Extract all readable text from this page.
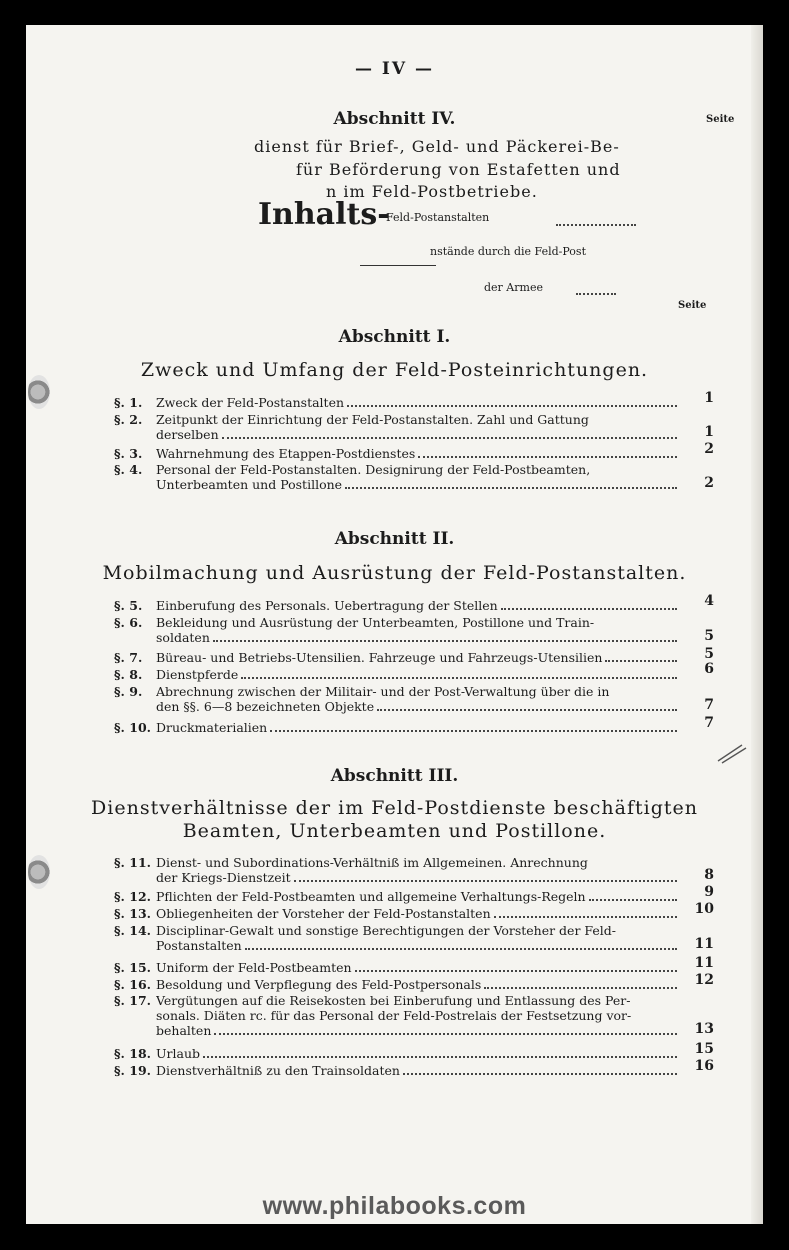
— IV —
Abschnitt IV.	Seite
dienst für Brief-, Geld- und Päckerei-Be-
für Beförderung von Estafetten und
n im Feld-Postbetriebe.
Inhalts-
Feld-Postanstalten
nstände durch die Feld-Post
der Armee
Seite
Abschnitt I.
Zweck und Umfang der Feld-Posteinrichtungen.
§. 1.	Zweck der Feld-Postanstalten	1
§. 2.	Zeitpunkt der Einrichtung der Feld-Postanstalten. Zahl und Gattung
derselben	1
§. 3.	Wahrnehmung des Etappen-Postdienstes	2
§. 4.	Personal der Feld-Postanstalten. Designirung der Feld-Postbeamten,
Unterbeamten und Postillone	2
Abschnitt II.
Mobilmachung und Ausrüstung der Feld-Postanstalten.
§. 5.	Einberufung des Personals. Uebertragung der Stellen	4
§. 6.	Bekleidung und Ausrüstung der Unterbeamten, Postillone und Train-
soldaten	5
§. 7.	Büreau- und Betriebs-Utensilien. Fahrzeuge und Fahrzeugs-Utensilien	5
§. 8.	Dienstpferde	6
§. 9.	Abrechnung zwischen der Militair- und der Post-Verwaltung über die in
den §§. 6—8 bezeichneten Objekte	7
§. 10. Druckmaterialien	7
Abschnitt III.
Dienstverhältnisse der im Feld-Postdienste beschäftigten
Beamten, Unterbeamten und Postillone.
§. 11. Dienst- und Subordinations-Verhältniß im Allgemeinen. Anrechnung
der Kriegs-Dienstzeit	8
§. 12. Pflichten der Feld-Postbeamten und allgemeine Verhaltungs-Regeln	9
§. 13. Obliegenheiten der Vorsteher der Feld-Postanstalten	10
§. 14. Disciplinar-Gewalt und sonstige Berechtigungen der Vorsteher der Feld-
Postanstalten	11
§. 15. Uniform der Feld-Postbeamten	11
§. 16. Besoldung und Verpflegung des Feld-Postpersonals	12
§. 17. Vergütungen auf die Reisekosten bei Einberufung und Entlassung des Per-
sonals. Diäten rc. für das Personal der Feld-Postrelais der Festsetzung vor-
behalten	13
§. 18. Urlaub	15
§. 19. Dienstverhältniß zu den Trainsoldaten	16
www.philabooks.com
